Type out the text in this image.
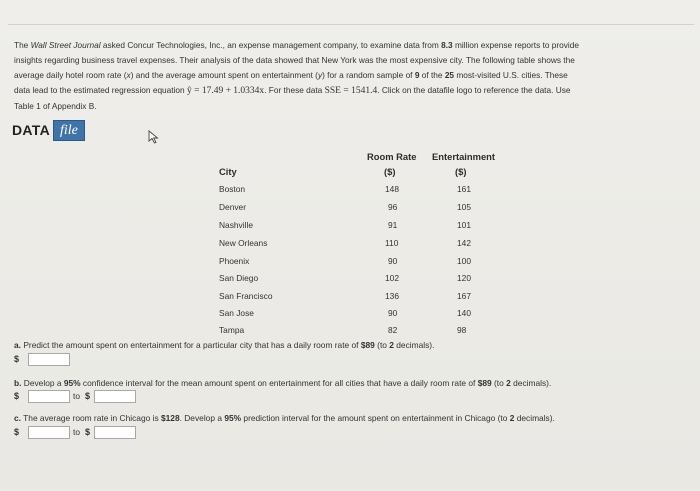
The Wall Street Journal asked Concur Technologies, Inc., an expense management company, to examine data from 8.3 million expense reports to provide
insights regarding business travel expenses. Their analysis of the data showed that New York was the most expensive city. The following table shows the
average daily hotel room rate (x) and the average amount spent on entertainment (y) for a random sample of 9 of the 25 most-visited U.S. cities. These
data lead to the estimated regression equation ŷ = 17.49 + 1.0334x. For these data SSE = 1541.4. Click on the datafile logo to reference the data. Use
Table 1 of Appendix B.
DATA file
Room Rate Entertainment
City	($)	($)
Boston	148	161
Denver	96	105
Nashville	91	101
New Orleans	110	142
Phoenix	90	100
San Diego	102	120
San Francisco	136	167
San Jose	90	140
Tampa	82	98
a. Predict the amount spent on entertainment for a particular city that has a daily room rate of $89 (to 2 decimals).
$
b. Develop a 95% confidence interval for the mean amount spent on entertainment for all cities that have a daily room rate of $89 (to 2 decimals).
$	to $
c. The average room rate in Chicago is $128. Develop a 95% prediction interval for the amount spent on entertainment in Chicago (to 2 decimals).
$	to $
